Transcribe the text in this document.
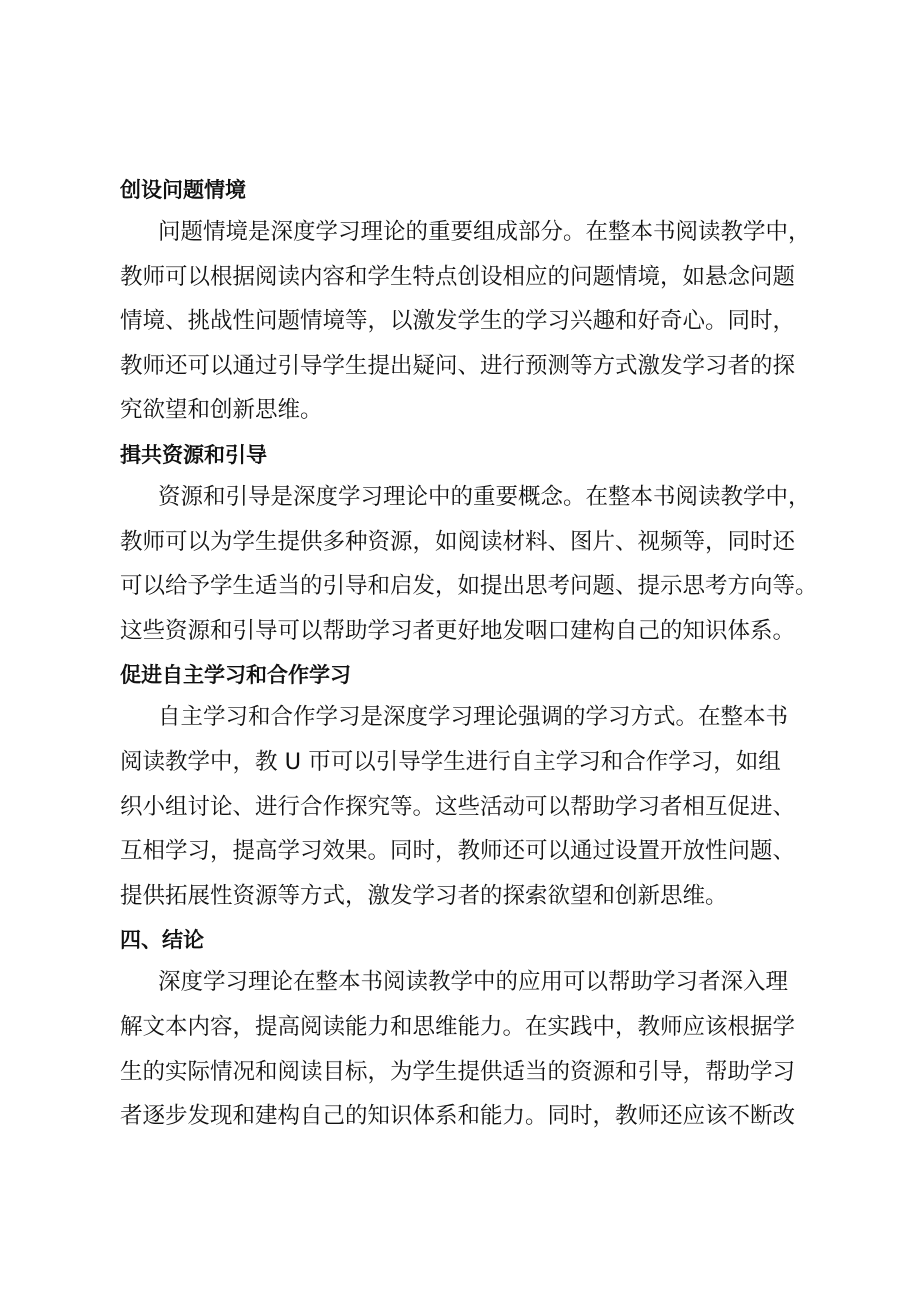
创设问题情境

问题情境是深度学习理论的重要组成部分。在整本书阅读教学中，

教师可以根据阅读内容和学生特点创设相应的问题情境，如悬念问题

情境、挑战性问题情境等，以激发学生的学习兴趣和好奇心。同时，

教师还可以通过引导学生提出疑问、进行预测等方式激发学习者的探

究欲望和创新思维。

揖共资源和引导

资源和引导是深度学习理论中的重要概念。在整本书阅读教学中，

教师可以为学生提供多种资源，如阅读材料、图片、视频等，同时还

可以给予学生适当的引导和启发，如提出思考问题、提示思考方向等。

这些资源和引导可以帮助学习者更好地发咽口建构自己的知识体系。

促进自主学习和合作学习

自主学习和合作学习是深度学习理论强调的学习方式。在整本书

阅读教学中，教 U 帀可以引导学生进行自主学习和合作学习，如组

织小组讨论、进行合作探究等。这些活动可以帮助学习者相互促进、

互相学习，提高学习效果。同时，教师还可以通过设置开放性问题、

提供拓展性资源等方式，激发学习者的探索欲望和创新思维。

四、结论

深度学习理论在整本书阅读教学中的应用可以帮助学习者深入理

解文本内容，提高阅读能力和思维能力。在实践中，教师应该根据学

生的实际情况和阅读目标，为学生提供适当的资源和引导，帮助学习

者逐步发现和建构自己的知识体系和能力。同时，教师还应该不断改
